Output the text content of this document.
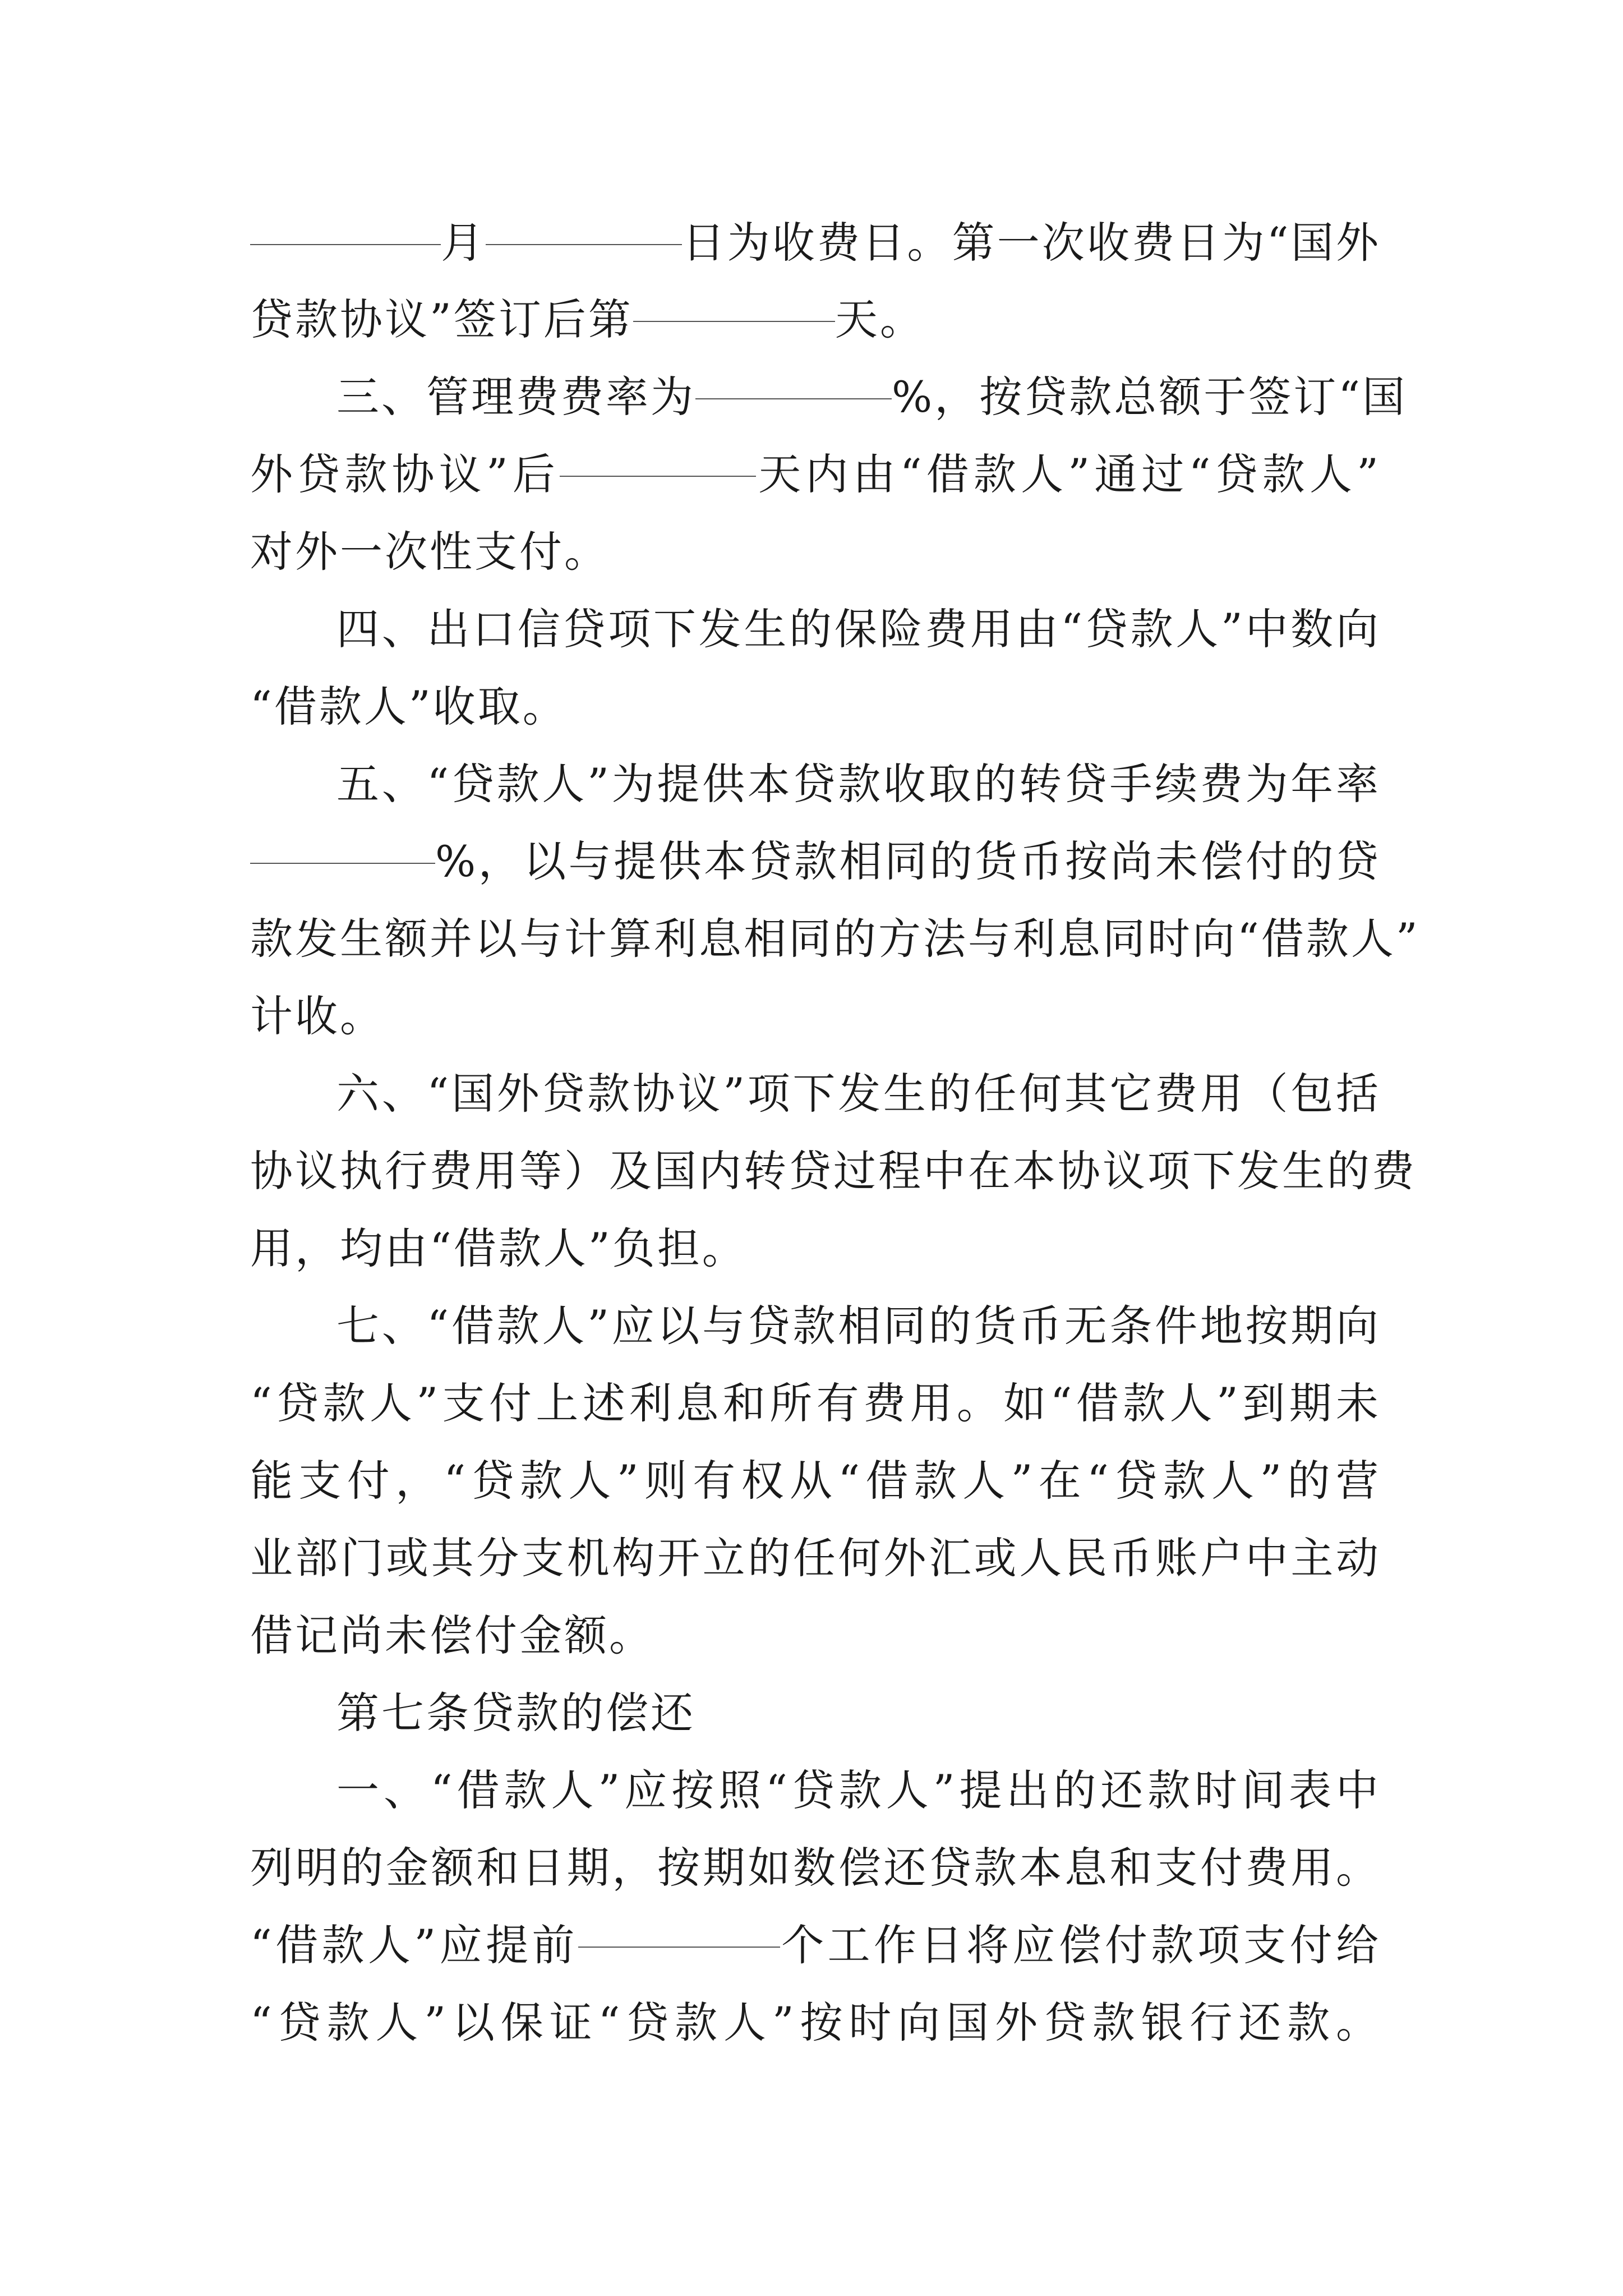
月	日为收费日。第一次收费日为“国外
贷款协议”签订后第	天。
三、管理费费率为	%，按贷款总额于签订“国
外贷款协议”后	天内由“借款人”通过“贷款人”
对外一次性支付。
四、出口信贷项下发生的保险费用由“贷款人”中数向
“借款人”收取。
五、“贷款人”为提供本贷款收取的转贷手续费为年率
%，以与提供本贷款相同的货币按尚未偿付的贷
款发生额并以与计算利息相同的方法与利息同时向“借款人”
计收。
六、“国外贷款协议”项下发生的任何其它费用（包括
协议执行费用等）及国内转贷过程中在本协议项下发生的费
用，均由“借款人”负担。
七、“借款人”应以与贷款相同的货币无条件地按期向
“贷款人”支付上述利息和所有费用。如“借款人”到期未
能支付，“贷款人”则有权从“借款人”在“贷款人”的营
业部门或其分支机构开立的任何外汇或人民币账户中主动
借记尚未偿付金额。
第七条贷款的偿还
一、“借款人”应按照“贷款人”提出的还款时间表中
列明的金额和日期，按期如数偿还贷款本息和支付费用。
“借款人”应提前	个工作日将应偿付款项支付给
“贷款人”以保证“贷款人”按时向国外贷款银行还款。
